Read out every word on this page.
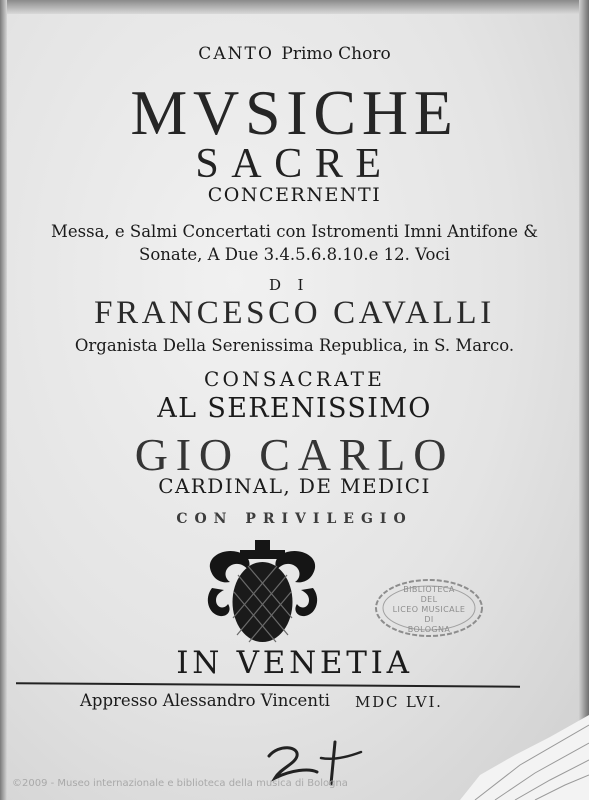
CANTO Primo Choro
MVSICHE
SACRE
CONCERNENTI
Messa, e Salmi Concertati con Istromenti Imni Antifone &
Sonate, A Due 3.4.5.6.8.10.e 12. Voci
DI
FRANCESCO CAVALLI
Organista Della Serenissima Republica, in S. Marco.
CONSACRATE
AL SERENISSIMO
GIO CARLO
CARDINAL, DE MEDICI
CON PRIVILEGIO
BIBLIOTECA
DEL
LICEO MUSICALE
DI
BOLOGNA
IN VENETIA
Appresso Alessandro Vincenti MDC LVI.
©2009 - Museo internazionale e biblioteca della musica di Bologna
